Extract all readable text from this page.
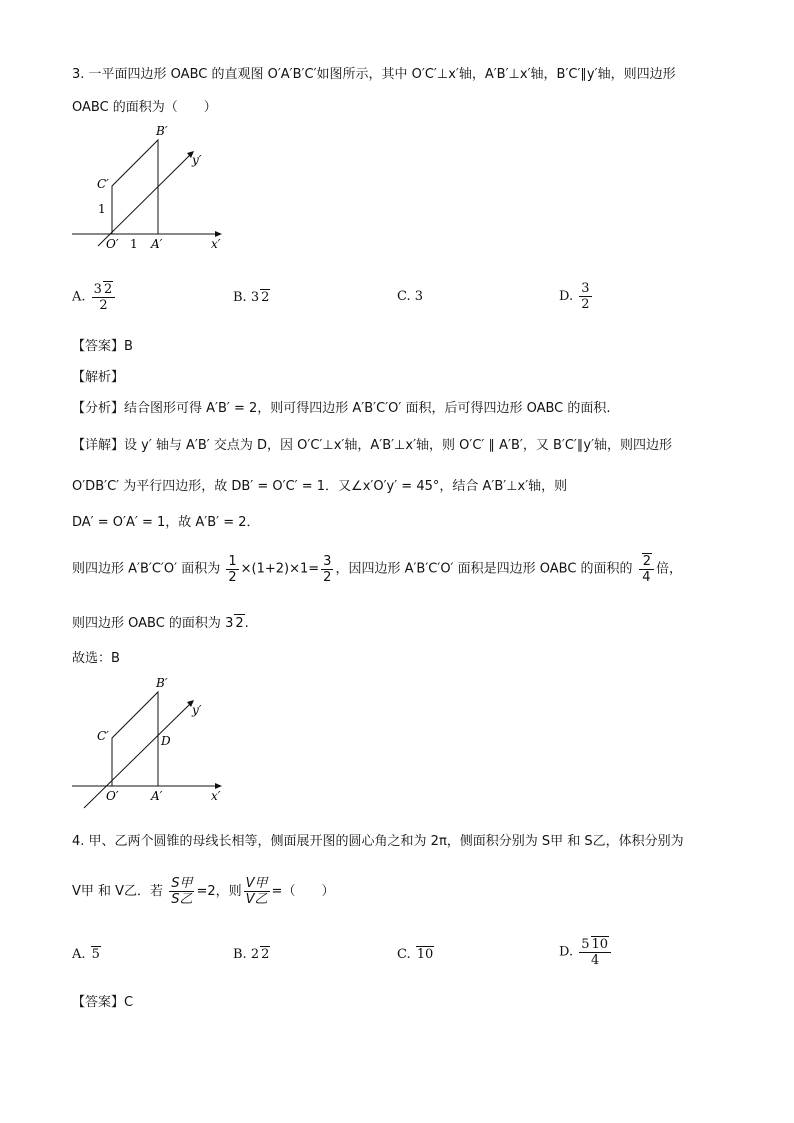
3. 一平面四边形 OABC 的直观图 O′A′B′C′如图所示，其中 O′C′⊥x′轴，A′B′⊥x′轴，B′C′∥y′轴，则四边形
OABC 的面积为（　　）
B′
C′
y′
1
O′ 1 A′	x′
A. $\frac{3 2}{2}$	B. 3 2	C. 3	D. $\frac{3}{2}$
【答案】B
【解析】
【分析】结合图形可得 A′B′ = 2，则可得四边形 A′B′C′O′ 面积，后可得四边形 OABC 的面积.
【详解】设 y′ 轴与 A′B′ 交点为 D，因 O′C′⊥x′轴，A′B′⊥x′轴，则 O′C′ ∥ A′B′，又 B′C′∥y′轴，则四边形
O′DB′C′ 为平行四边形，故 DB′ = O′C′ = 1．又∠x′O′y′ = 45°，结合 A′B′⊥x′轴，则
DA′ = O′A′ = 1，故 A′B′ = 2．
则四边形 A′B′C′O′ 面积为 $\frac{1}{2} \times(1+2)\times 1= \frac{3}{2}$ ，因四边形 A′B′C′O′ 面积是四边形 OABC 的面积的 $\frac{2}{4}$ 倍，
则四边形 OABC 的面积为 3 2.
故选：B
B′
C′
y′
D
O′	A′	x′
4. 甲、乙两个圆锥的母线长相等，侧面展开图的圆心角之和为 2π，侧面积分别为 S甲 和 S乙，体积分别为
V甲 和 V乙．若 $\frac{\text{S甲}}{\text{S乙}} =2$，则 $\frac{\text{V甲}}{\text{V乙}}$ =（　　）
A. 5	B. 2 2	C. 10	D. $\frac{5 10}{4}$
【答案】C
